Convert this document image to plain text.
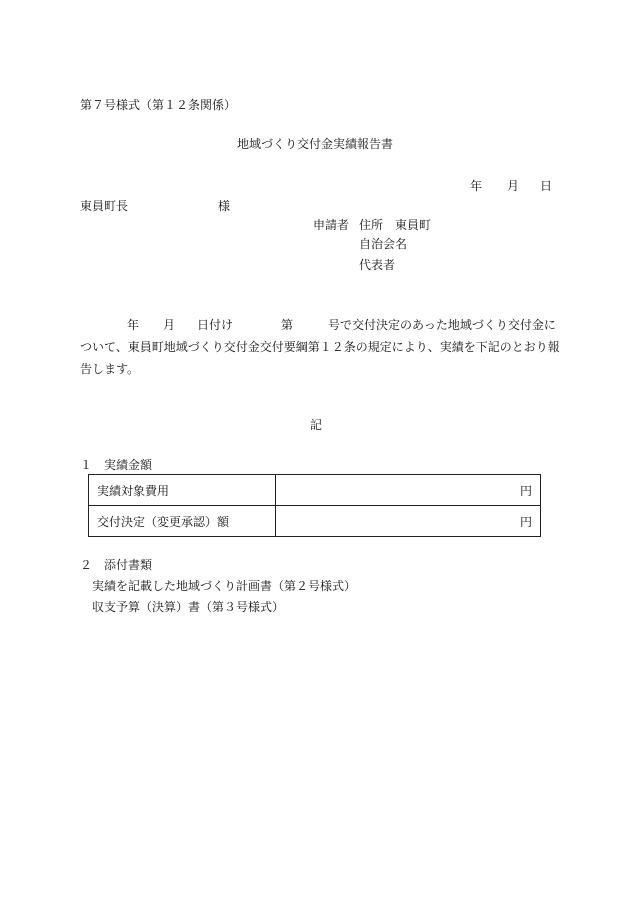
第７号様式（第１２条関係）
地域づくり交付金実績報告書
年 月 日
東員町長	様
申請者 住所 東員町
自治会名
代表者

年 月 日付け	第	号で交付決定のあった地域づくり交付金に

ついて、東員町地域づくり交付金交付要綱第１２条の規定により、実績を下記のとおり報

告します。

記
１　実績金額
実績対象費用	円
交付決定（変更承認）額	円
２　添付書類
実績を記載した地域づくり計画書（第２号様式）
収支予算（決算）書（第３号様式）
